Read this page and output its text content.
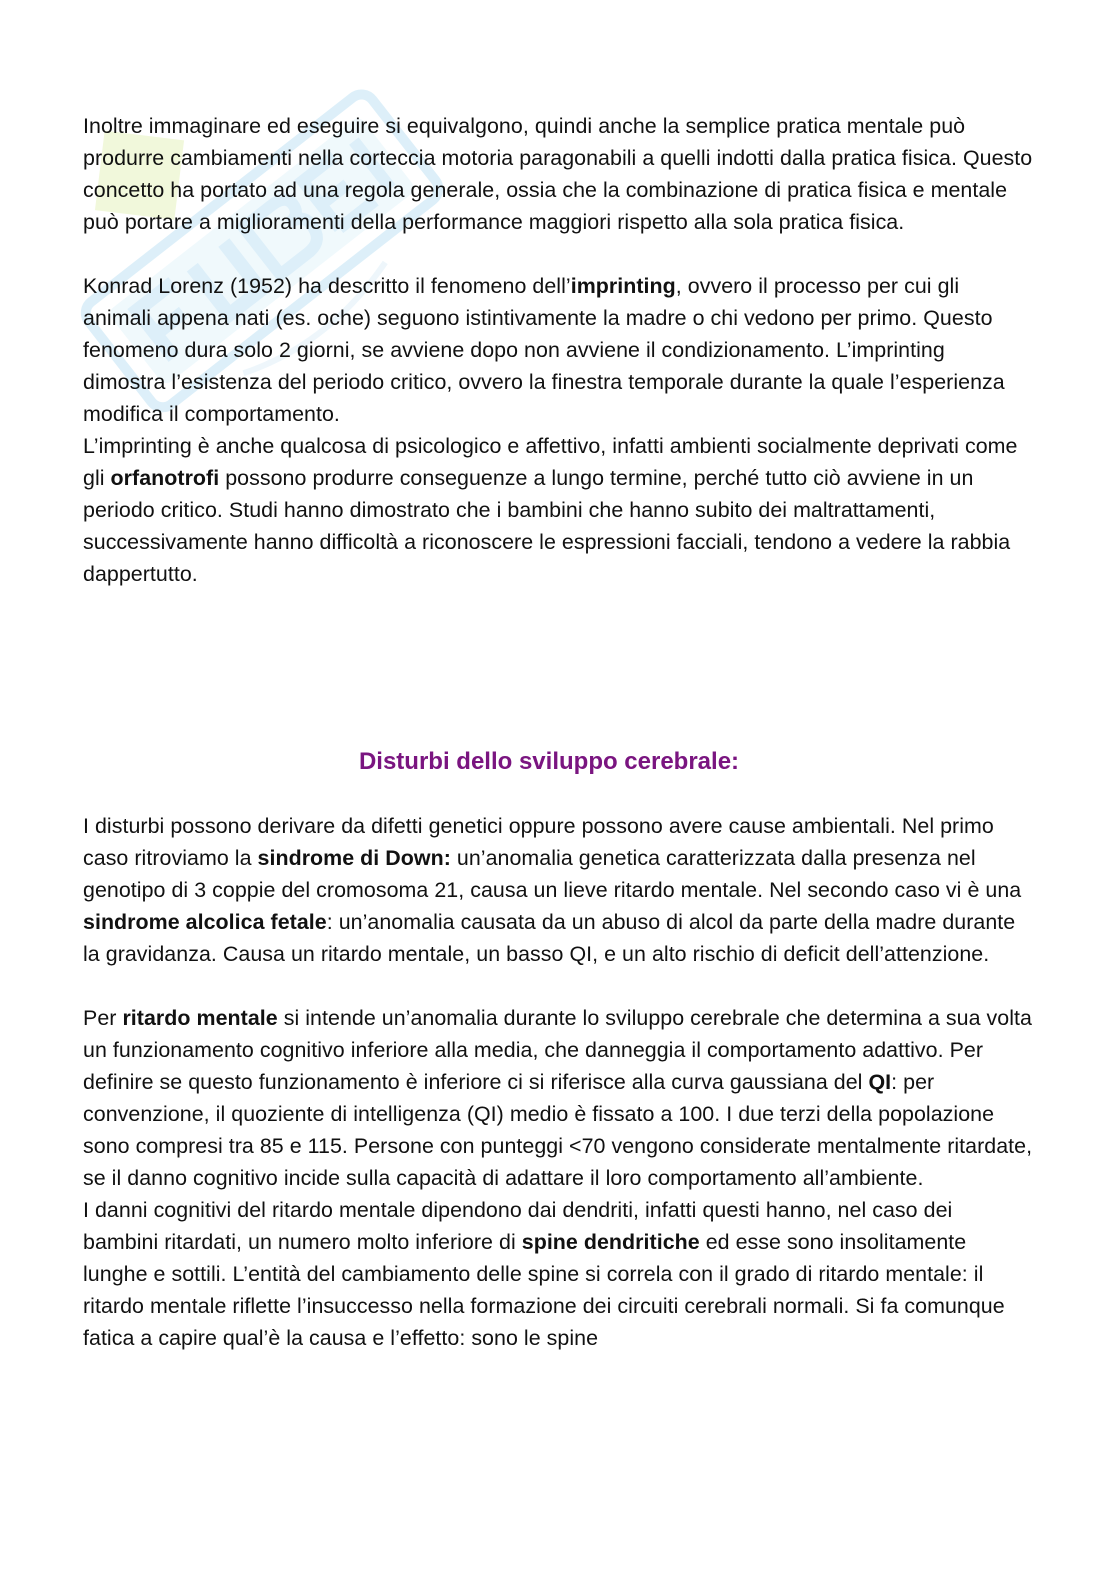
Inoltre immaginare ed eseguire si equivalgono, quindi anche la semplice pratica mentale può produrre cambiamenti nella corteccia motoria paragonabili a quelli indotti dalla pratica fisica. Questo concetto ha portato ad una regola generale, ossia che la combinazione di pratica fisica e mentale può portare a miglioramenti della performance maggiori rispetto alla sola pratica fisica.

Konrad Lorenz (1952) ha descritto il fenomeno dell’imprinting, ovvero il processo per cui gli animali appena nati (es. oche) seguono istintivamente la madre o chi vedono per primo. Questo fenomeno dura solo 2 giorni, se avviene dopo non avviene il condizionamento. L’imprinting dimostra l’esistenza del periodo critico, ovvero la finestra temporale durante la quale l’esperienza modifica il comportamento.

L’imprinting è anche qualcosa di psicologico e affettivo, infatti ambienti socialmente deprivati come gli orfanotrofi possono produrre conseguenze a lungo termine, perché tutto ciò avviene in un periodo critico. Studi hanno dimostrato che i bambini che hanno subito dei maltrattamenti, successivamente hanno difficoltà a riconoscere le espressioni facciali, tendono a vedere la rabbia dappertutto.

Disturbi dello sviluppo cerebrale:

I disturbi possono derivare da difetti genetici oppure possono avere cause ambientali. Nel primo caso ritroviamo la sindrome di Down: un’anomalia genetica caratterizzata dalla presenza nel genotipo di 3 coppie del cromosoma 21, causa un lieve ritardo mentale. Nel secondo caso vi è una sindrome alcolica fetale: un’anomalia causata da un abuso di alcol da parte della madre durante la gravidanza. Causa un ritardo mentale, un basso QI, e un alto rischio di deficit dell’attenzione.

Per ritardo mentale si intende un’anomalia durante lo sviluppo cerebrale che determina a sua volta un funzionamento cognitivo inferiore alla media, che danneggia il comportamento adattivo. Per definire se questo funzionamento è inferiore ci si riferisce alla curva gaussiana del QI: per convenzione, il quoziente di intelligenza (QI) medio è fissato a 100. I due terzi della popolazione sono compresi tra 85 e 115. Persone con punteggi <70 vengono considerate mentalmente ritardate, se il danno cognitivo incide sulla capacità di adattare il loro comportamento all’ambiente.

I danni cognitivi del ritardo mentale dipendono dai dendriti, infatti questi hanno, nel caso dei bambini ritardati, un numero molto inferiore di spine dendritiche ed esse sono insolitamente lunghe e sottili. L’entità del cambiamento delle spine si correla con il grado di ritardo mentale: il ritardo mentale riflette l’insuccesso nella formazione dei circuiti cerebrali normali. Si fa comunque fatica a capire qual’è la causa e l’effetto: sono le spine
